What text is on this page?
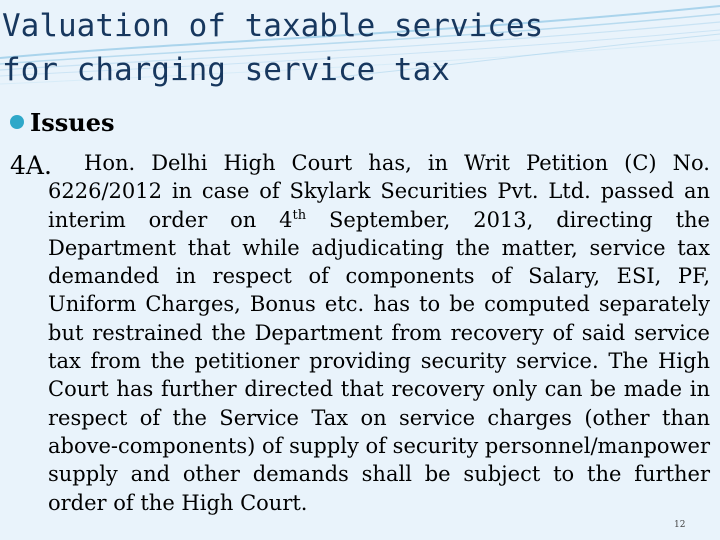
Valuation of taxable services for charging service tax
Issues
4A.	Hon. Delhi High Court has, in Writ Petition (C) No. 6226/2012 in case of Skylark Securities Pvt. Ltd. passed an interim order on 4th September, 2013, directing the Department that while adjudicating the matter, service tax demanded in respect of components of Salary, ESI, PF, Uniform Charges, Bonus etc. has to be computed separately but restrained the Department from recovery of said service tax from the petitioner providing security service. The High Court has further directed that recovery only can be made in respect of the Service Tax on service charges (other than above-components) of supply of security personnel/manpower supply and other demands shall be subject to the further order of the High Court.
12
